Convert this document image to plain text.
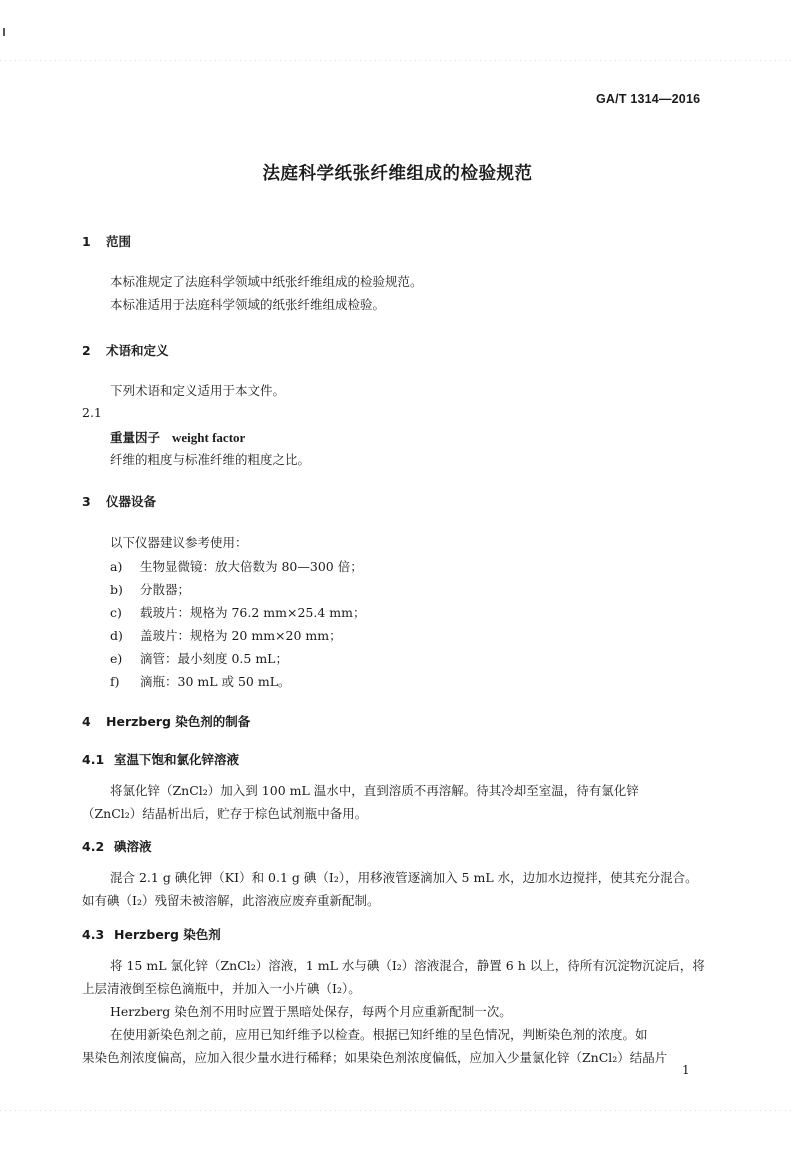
GA/T 1314—2016
法庭科学纸张纤维组成的检验规范
1 范围
本标准规定了法庭科学领域中纸张纤维组成的检验规范。
本标准适用于法庭科学领域的纸张纤维组成检验。
2 术语和定义
下列术语和定义适用于本文件。
2.1
重量因子 weight factor
纤维的粗度与标准纤维的粗度之比。
3 仪器设备
以下仪器建议参考使用：
a) 生物显微镜：放大倍数为 80—300 倍；
b) 分散器；
c) 载玻片：规格为 76.2 mm×25.4 mm；
d) 盖玻片：规格为 20 mm×20 mm；
e) 滴管：最小刻度 0.5 mL；
f) 滴瓶：30 mL 或 50 mL。
4 Herzberg 染色剂的制备
4.1 室温下饱和氯化锌溶液
将氯化锌（ZnCl₂）加入到 100 mL 温水中，直到溶质不再溶解。待其冷却至室温，待有氯化锌
（ZnCl₂）结晶析出后，贮存于棕色试剂瓶中备用。
4.2 碘溶液
混合 2.1 g 碘化钾（KI）和 0.1 g 碘（I₂），用移液管逐滴加入 5 mL 水，边加水边搅拌，使其充分混合。
如有碘（I₂）残留未被溶解，此溶液应废弃重新配制。
4.3 Herzberg 染色剂
将 15 mL 氯化锌（ZnCl₂）溶液，1 mL 水与碘（I₂）溶液混合，静置 6 h 以上，待所有沉淀物沉淀后，将
上层清液倒至棕色滴瓶中，并加入一小片碘（I₂）。
Herzberg 染色剂不用时应置于黑暗处保存，每两个月应重新配制一次。
在使用新染色剂之前，应用已知纤维予以检查。根据已知纤维的呈色情况，判断染色剂的浓度。如
果染色剂浓度偏高，应加入很少量水进行稀释；如果染色剂浓度偏低，应加入少量氯化锌（ZnCl₂）结晶片
1
